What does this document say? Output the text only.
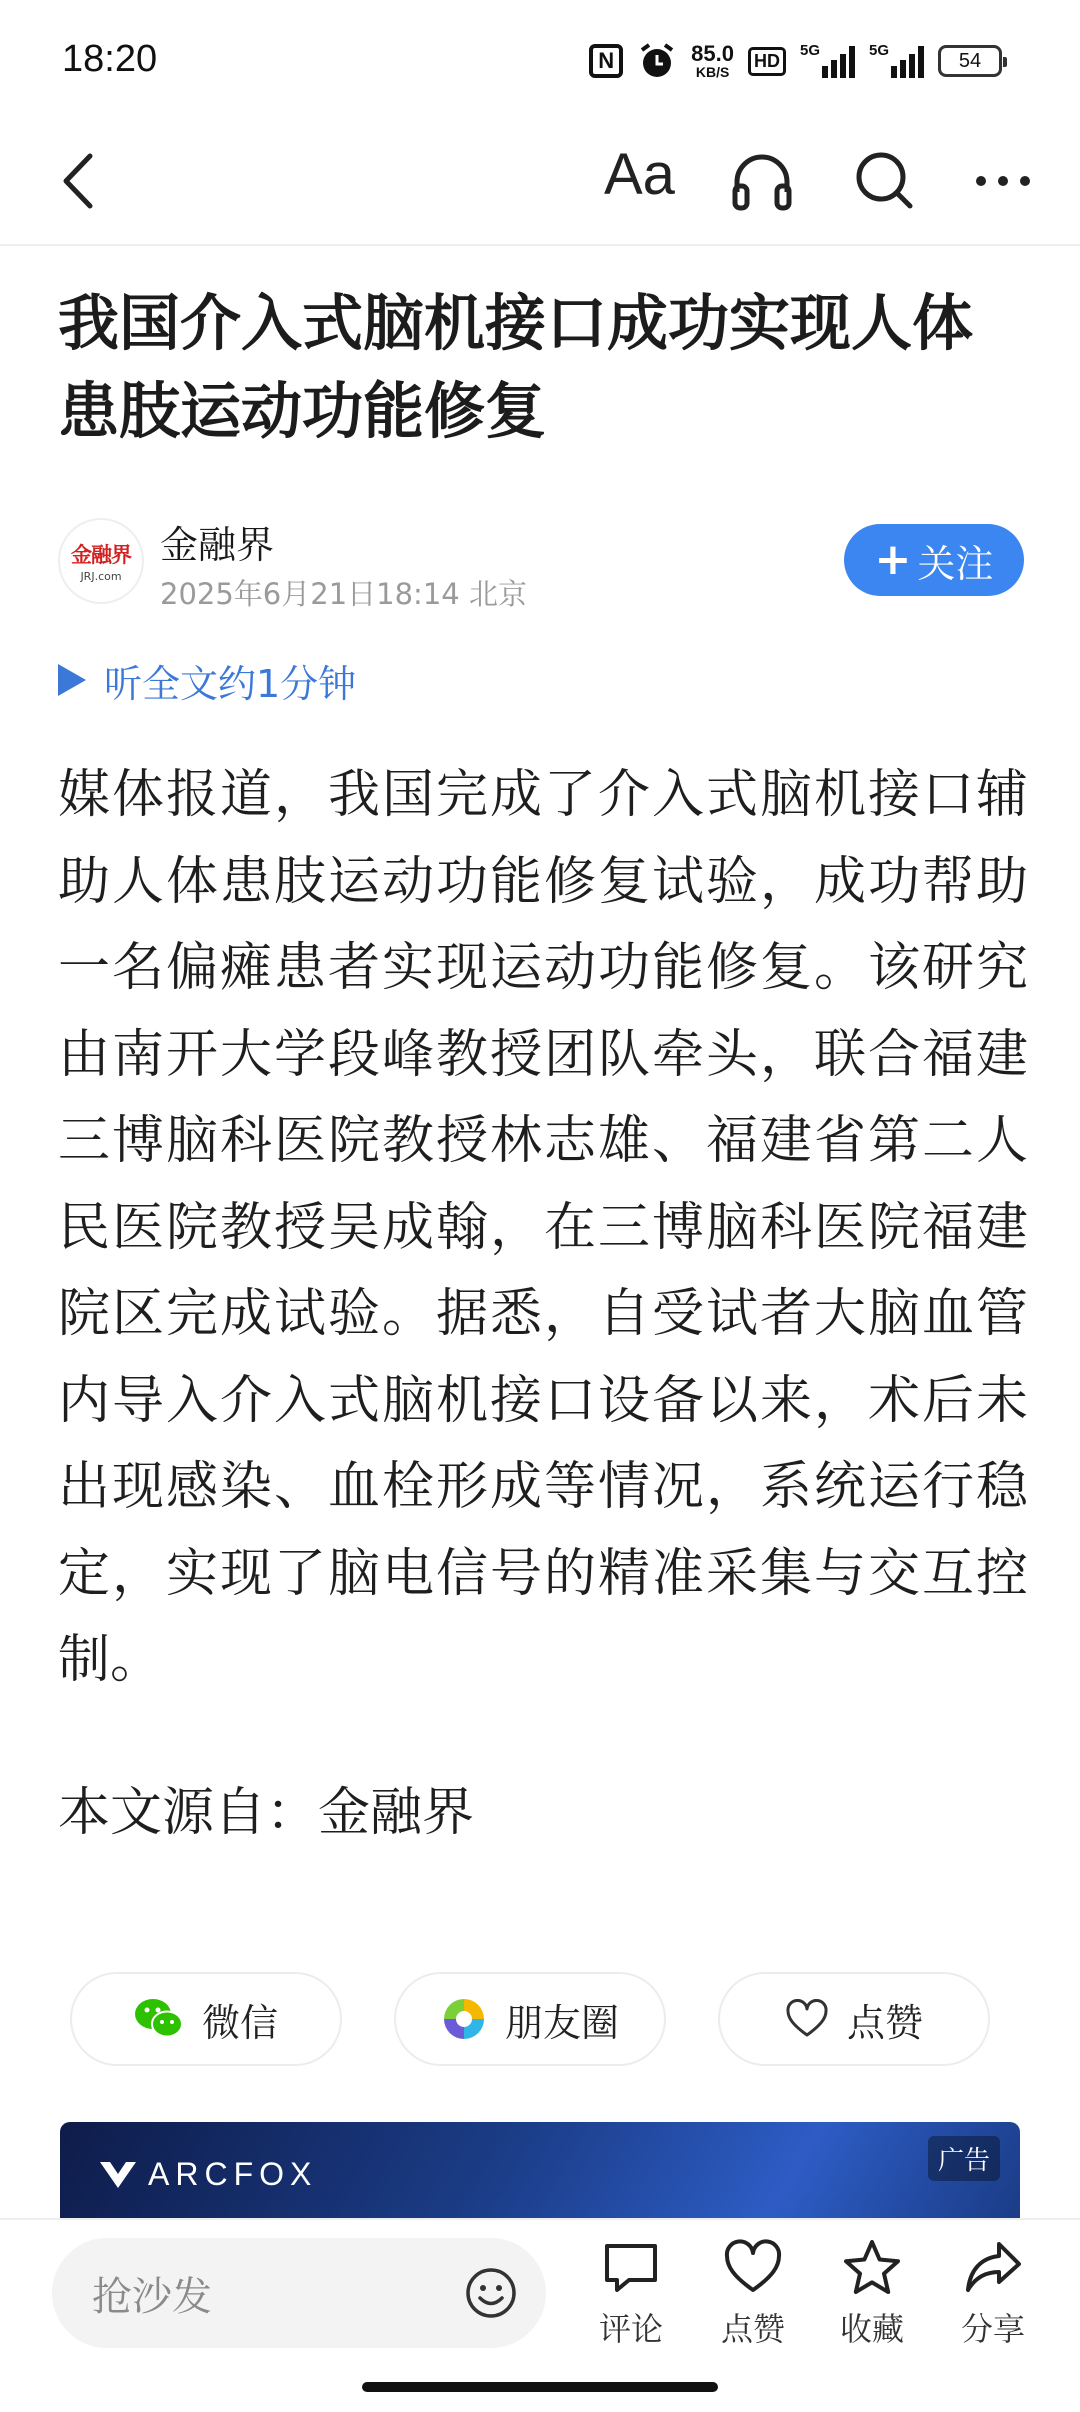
18:20	N	85.0
KB/S
HD	5G	5G	54
Aa
我国介入式脑机接口成功实现人体患肢运动功能修复
金融界
JRJ.com
金融界
2025年6月21日18:14 北京
+ 关注
听全文约1分钟

媒体报道，我国完成了介入式脑机接口辅助人体患肢运动功能修复试验，成功帮助一名偏瘫患者实现运动功能修复。该研究由南开大学段峰教授团队牵头，联合福建三博脑科医院教授林志雄、福建省第二人民医院教授吴成翰，在三博脑科医院福建院区完成试验。据悉，自受试者大脑血管内导入介入式脑机接口设备以来，术后未出现感染、血栓形成等情况，系统运行稳定，实现了脑电信号的精准采集与交互控制。

本文源自：金融界

微信	朋友圈	点赞
ARCFOX	广告
抢沙发
评论 点赞 收藏 分享
